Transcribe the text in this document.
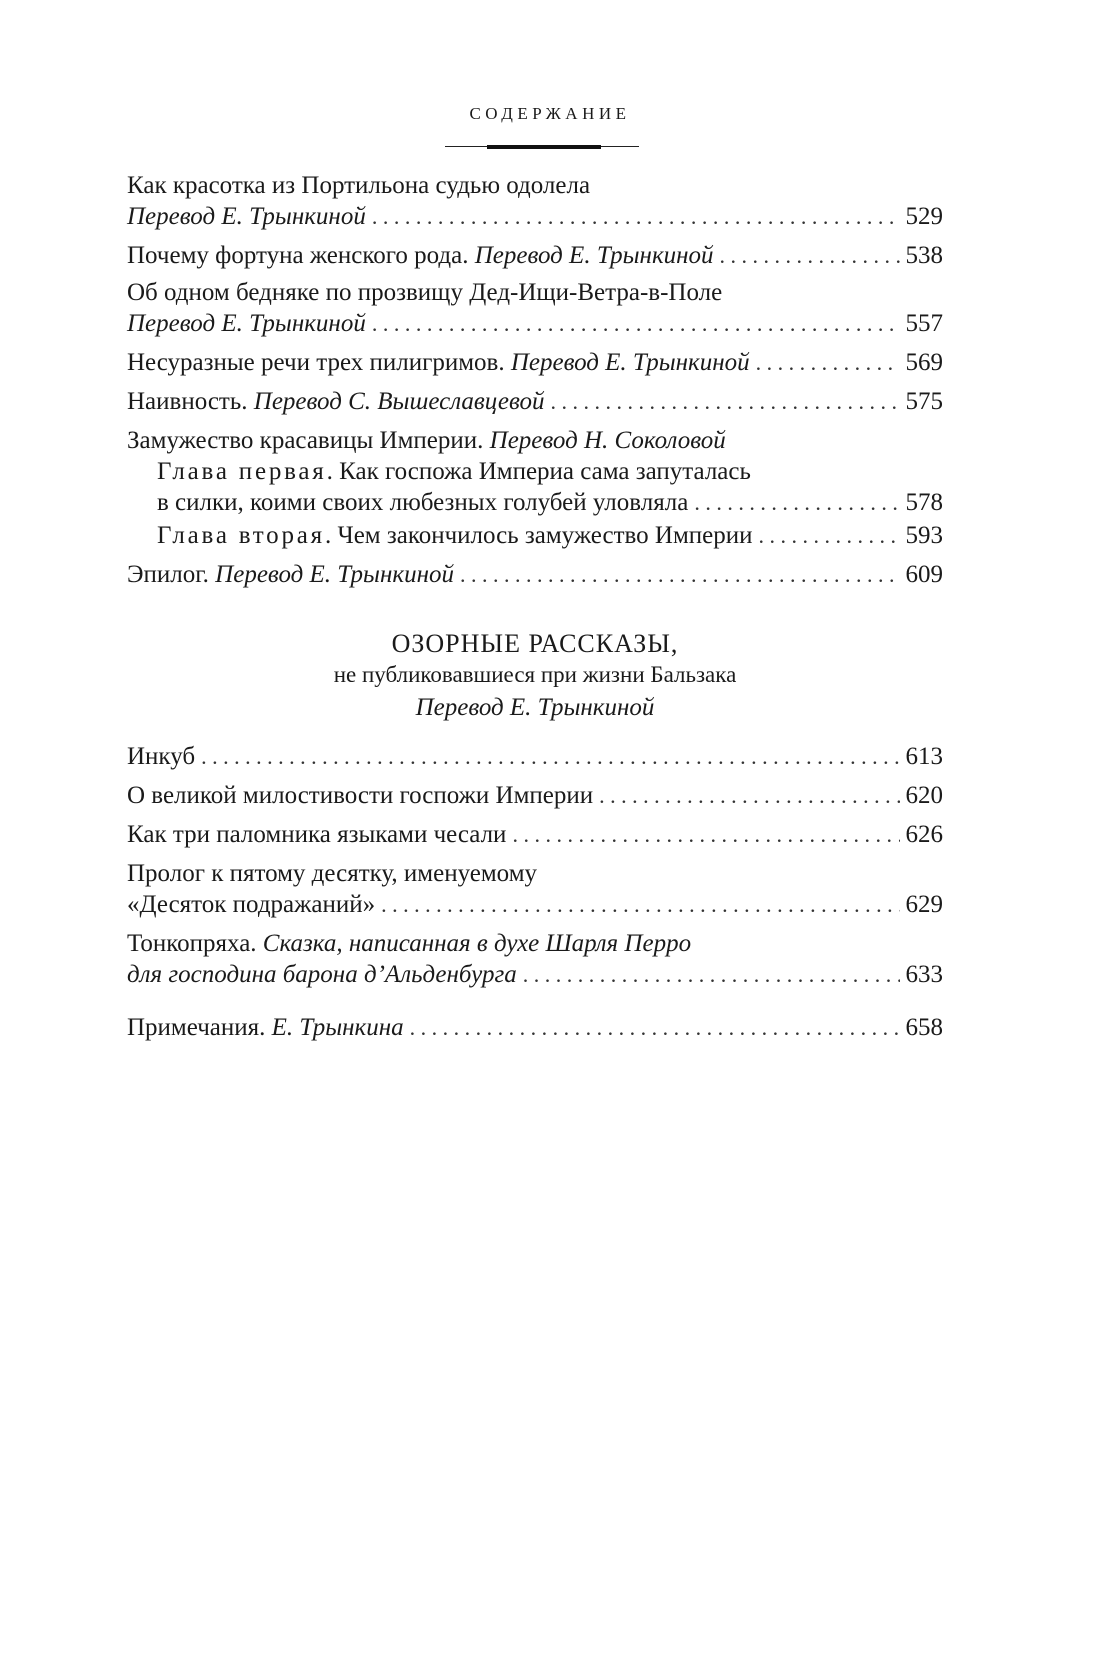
СОДЕРЖАНИЕ
Как красотка из Портильона судью одолела
Перевод Е. Трынкиной . . .	529
Почему фортуна женского рода. Перевод Е. Трынкиной . . .	538
Об одном бедняке по прозвищу Дед-Ищи-Ветра-в-Поле
Перевод Е. Трынкиной . . .	557
Несуразные речи трех пилигримов. Перевод Е. Трынкиной . . .	569
Наивность. Перевод С. Вышеславцевой . . .	575
Замужество красавицы Империи. Перевод Н. Соколовой
Глава первая. Как госпожа Империа сама запуталась
в силки, коими своих любезных голубей уловляла . . .	578
Глава вторая. Чем закончилось замужество Империи . . .	593
Эпилог. Перевод Е. Трынкиной . . .	609
ОЗОРНЫЕ РАССКАЗЫ,
не публиковавшиеся при жизни Бальзака
Перевод Е. Трынкиной
Инкуб . . .	613
О великой милостивости госпожи Империи . . .	620
Как три паломника языками чесали . . .	626
Пролог к пятому десятку, именуемому
«Десяток подражаний» . . .	629
Тонкопряха. Сказка, написанная в духе Шарля Перро
для господина барона д’Альденбурга . . .	633
Примечания. Е. Трынкина . . .	658
